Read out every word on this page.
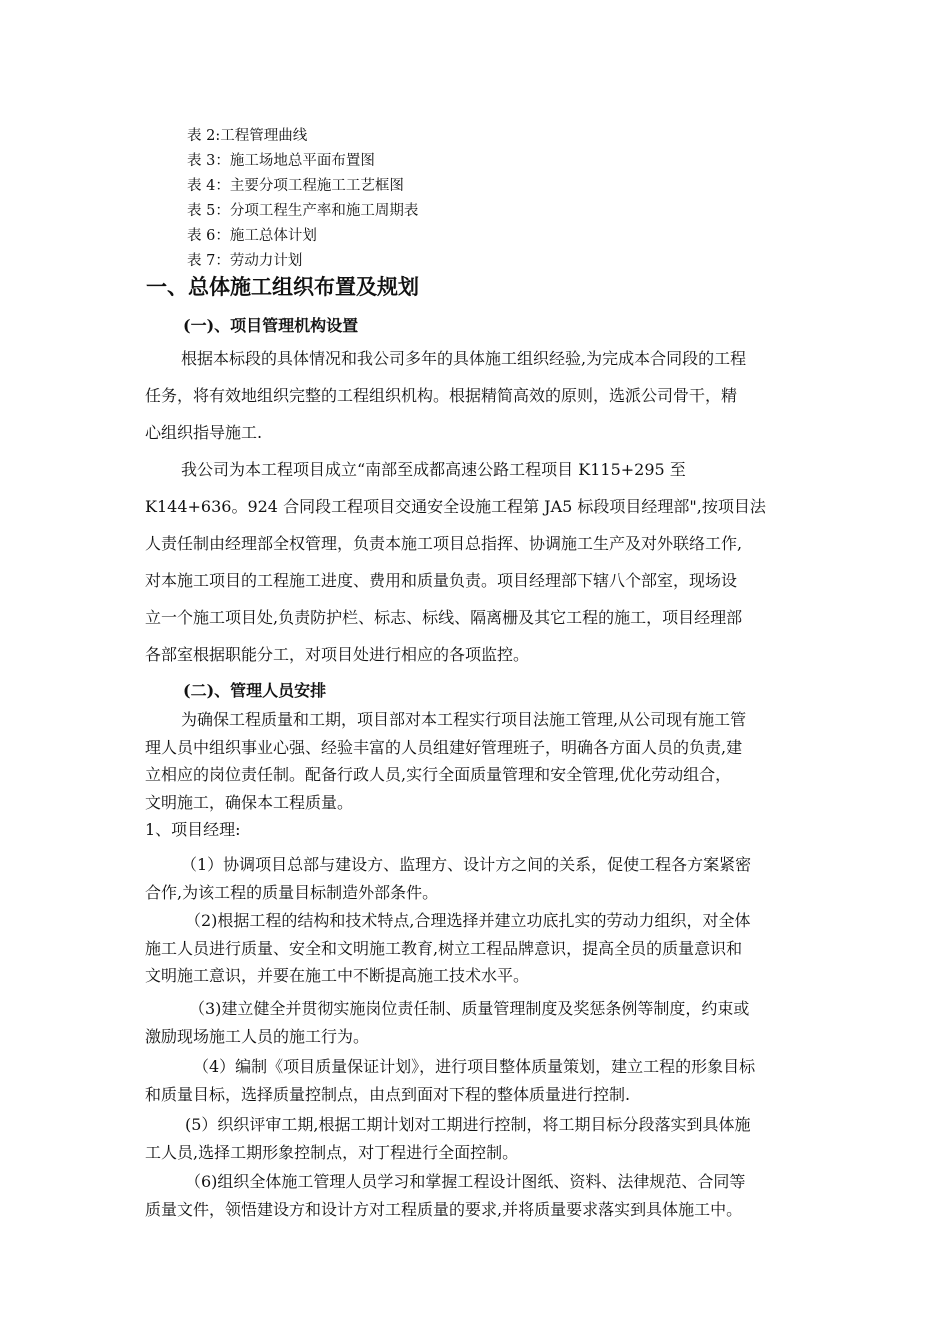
表 2:工程管理曲线
表 3：施工场地总平面布置图
表 4：主要分项工程施工工艺框图
表 5：分项工程生产率和施工周期表
表 6：施工总体计划
表 7：劳动力计划
一、总体施工组织布置及规划
(一)、项目管理机构设置
根据本标段的具体情况和我公司多年的具体施工组织经验,为完成本合同段的工程
任务，将有效地组织完整的工程组织机构。根据精简高效的原则，选派公司骨干，精
心组织指导施工.
我公司为本工程项目成立“南部至成都高速公路工程项目 K115+295 至
K144+636。924 合同段工程项目交通安全设施工程第 JA5 标段项目经理部",按项目法
人责任制由经理部全权管理，负责本施工项目总指挥、协调施工生产及对外联络工作,
对本施工项目的工程施工进度、费用和质量负责。项目经理部下辖八个部室，现场设
立一个施工项目处,负责防护栏、标志、标线、隔离栅及其它工程的施工，项目经理部
各部室根据职能分工，对项目处进行相应的各项监控。
(二)、管理人员安排
为确保工程质量和工期，项目部对本工程实行项目法施工管理,从公司现有施工管
理人员中组织事业心强、经验丰富的人员组建好管理班子，明确各方面人员的负责,建
立相应的岗位责任制。配备行政人员,实行全面质量管理和安全管理,优化劳动组合，
文明施工，确保本工程质量。
1、项目经理:
（1）协调项目总部与建设方、监理方、设计方之间的关系，促使工程各方案紧密
合作,为该工程的质量目标制造外部条件。
（2)根据工程的结构和技术特点,合理选择并建立功底扎实的劳动力组织，对全体
施工人员进行质量、安全和文明施工教育,树立工程品牌意识，提高全员的质量意识和
文明施工意识，并要在施工中不断提高施工技术水平。
（3)建立健全并贯彻实施岗位责任制、质量管理制度及奖惩条例等制度，约束或
激励现场施工人员的施工行为。
（4）编制《项目质量保证计划》，进行项目整体质量策划，建立工程的形象目标
和质量目标，选择质量控制点，由点到面对下程的整体质量进行控制.
(5）织织评审工期,根据工期计划对工期进行控制，将工期目标分段落实到具体施
工人员,选择工期形象控制点，对丁程进行全面控制。
（6)组织全体施工管理人员学习和掌握工程设计图纸、资料、法律规范、合同等
质量文件，领悟建设方和设计方对工程质量的要求,并将质量要求落实到具体施工中。
